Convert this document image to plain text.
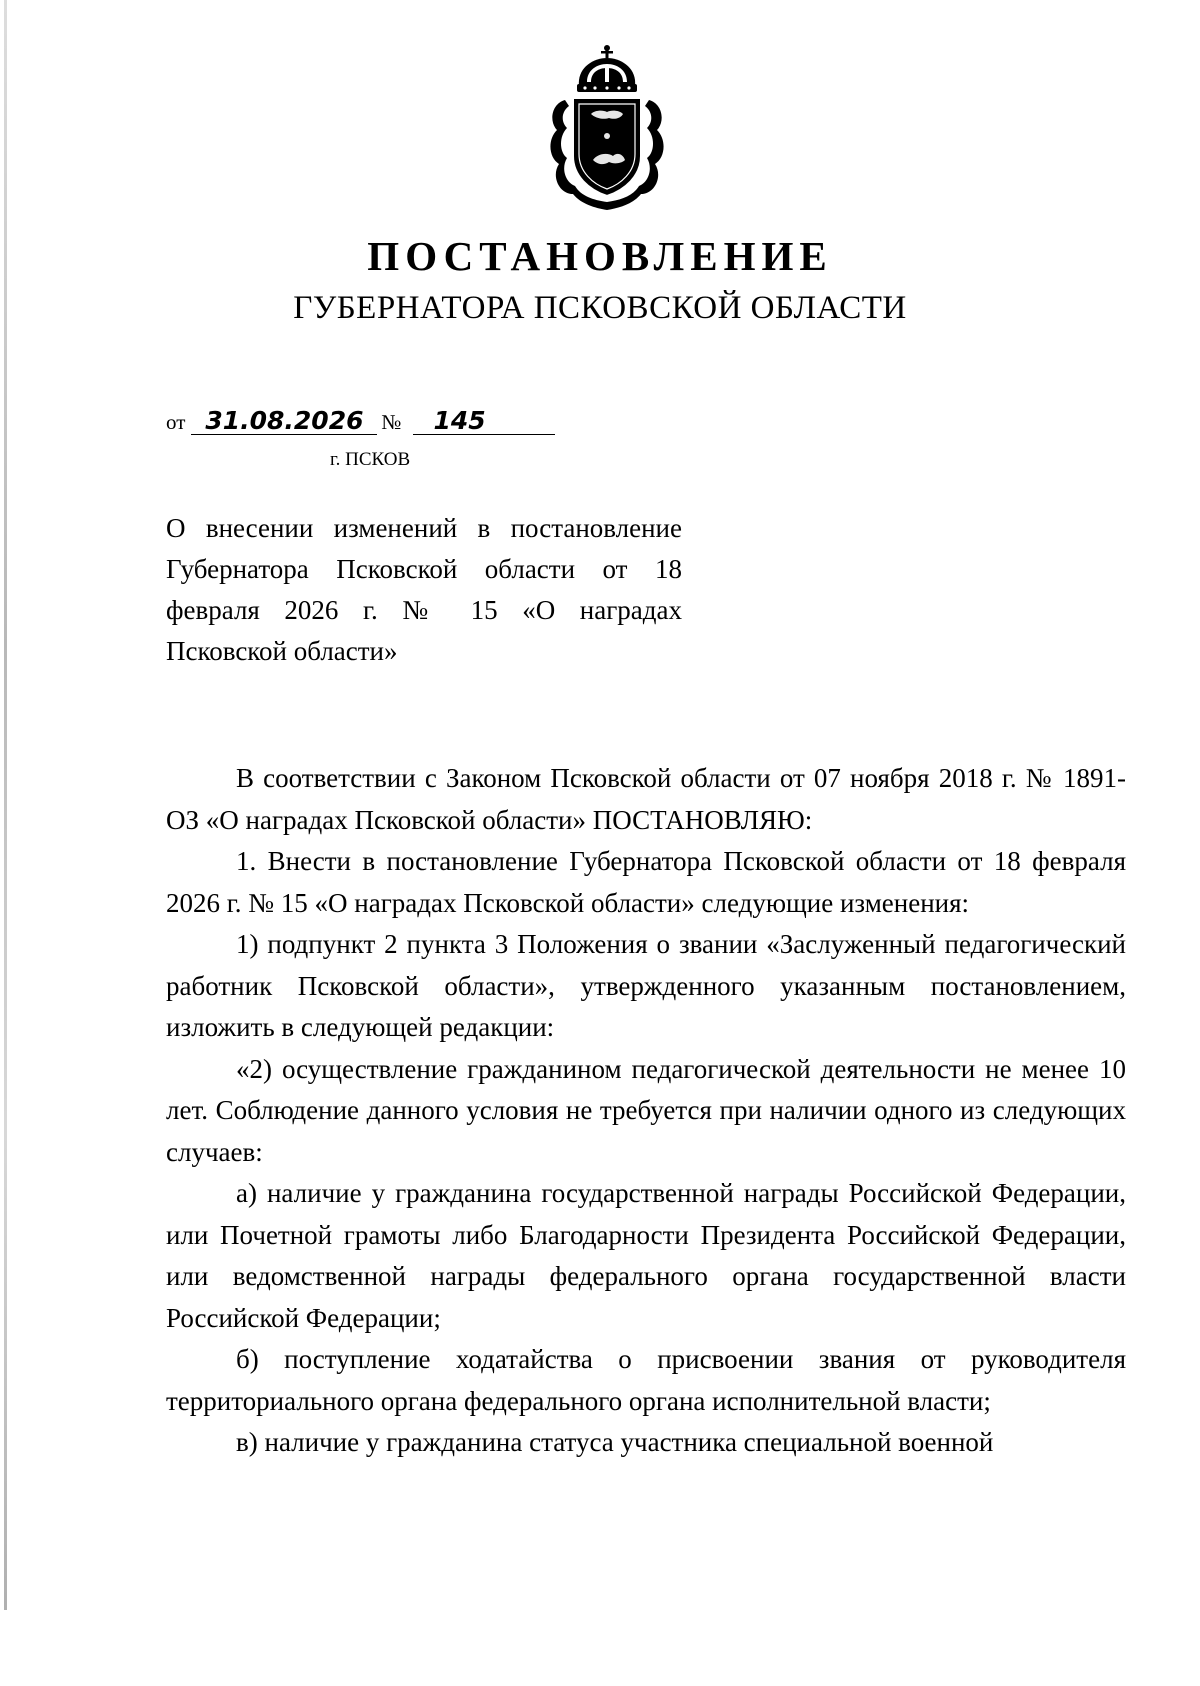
ПОСТАНОВЛЕНИЕ
ГУБЕРНАТОРА ПСКОВСКОЙ ОБЛАСТИ
от 31.08.2026 № 145
г. ПСКОВ

О внесении изменений в постановление Губернатора Псковской области от 18 февраля 2026 г. № 15 «О наградах Псковской области»

В соответствии с Законом Псковской области от 07 ноября 2018 г. № 1891-ОЗ «О наградах Псковской области» ПОСТАНОВЛЯЮ:

1. Внести в постановление Губернатора Псковской области от 18 февраля 2026 г. № 15 «О наградах Псковской области» следующие изменения:

1) подпункт 2 пункта 3 Положения о звании «Заслуженный педагогический работник Псковской области», утвержденного указанным постановлением, изложить в следующей редакции:

«2) осуществление гражданином педагогической деятельности не менее 10 лет. Соблюдение данного условия не требуется при наличии одного из следующих случаев:

а) наличие у гражданина государственной награды Российской Федерации, или Почетной грамоты либо Благодарности Президента Российской Федерации, или ведомственной награды федерального органа государственной власти Российской Федерации;

б) поступление ходатайства о присвоении звания от руководителя территориального органа федерального органа исполнительной власти;

в) наличие у гражданина статуса участника специальной военной
